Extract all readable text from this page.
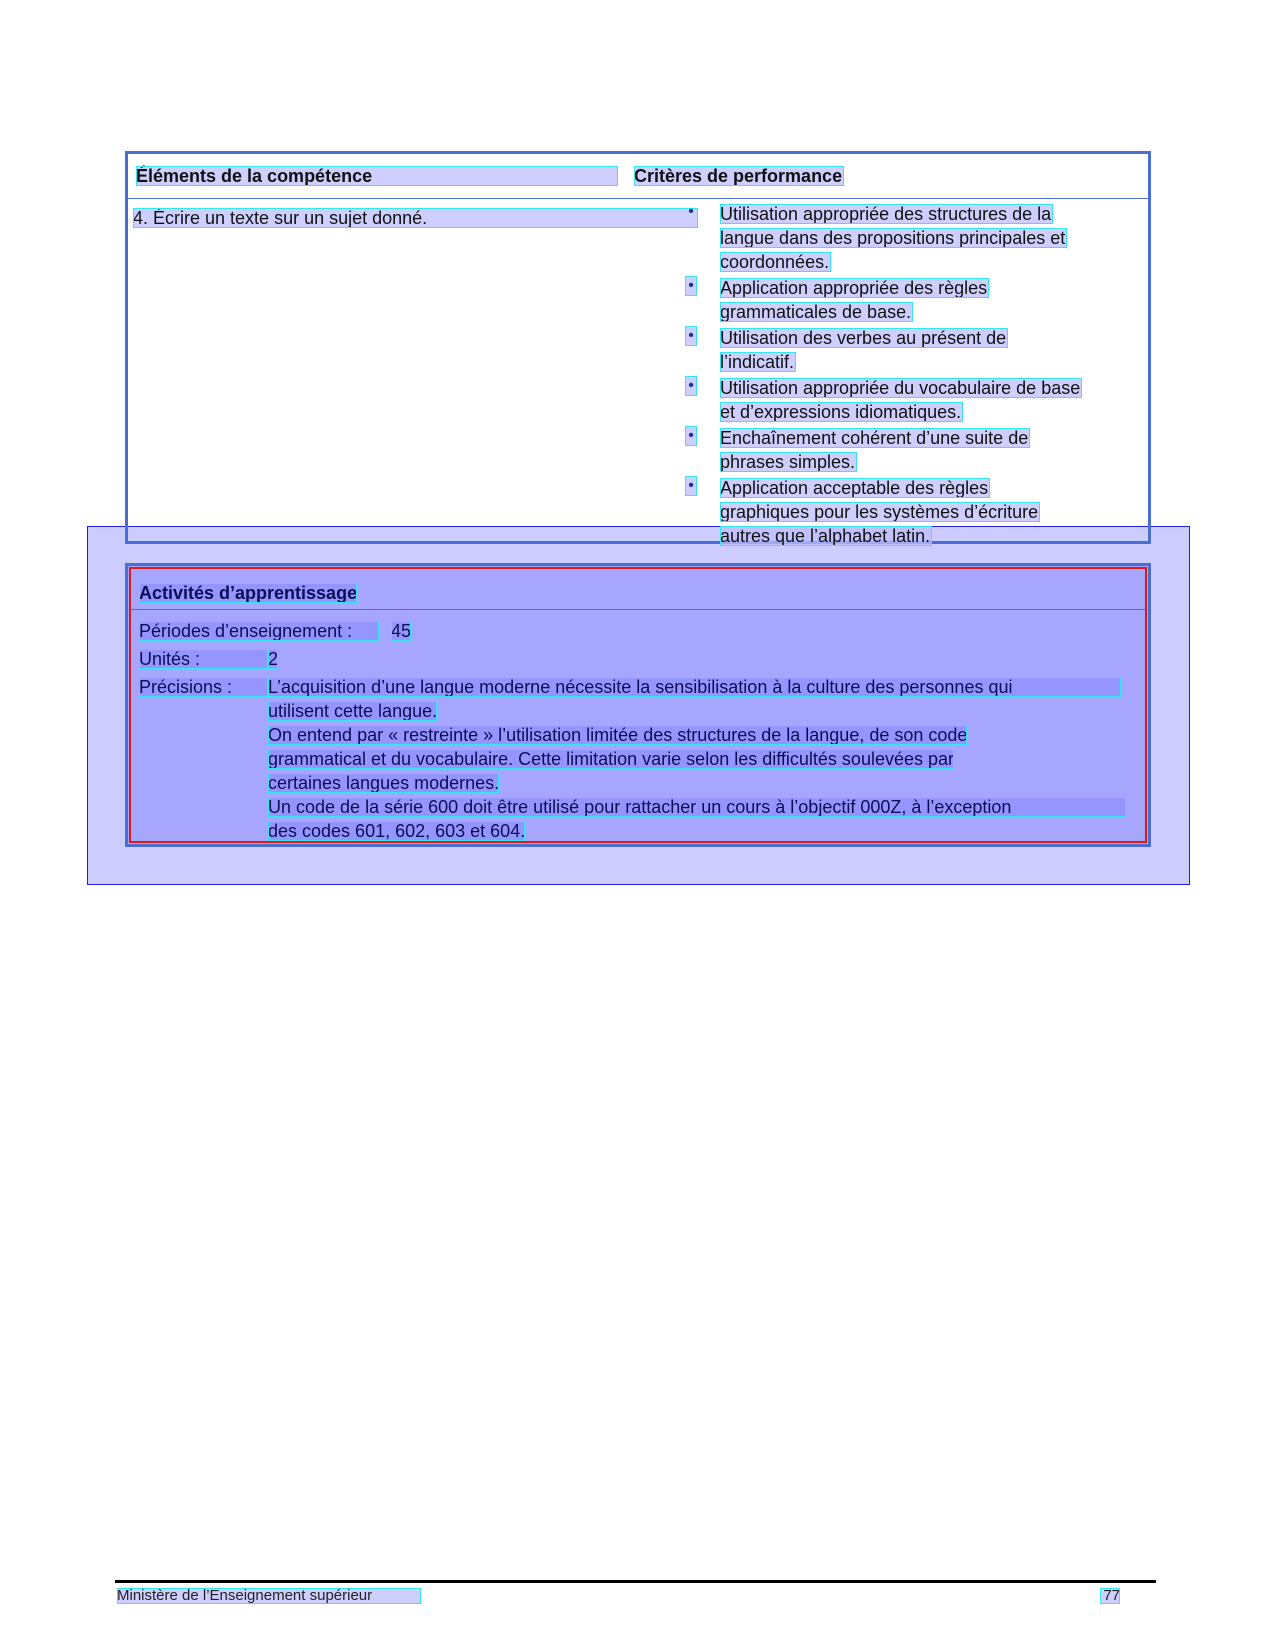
Éléments de la compétence	Critères de performance
4. Écrire un texte sur un sujet donné.	• Utilisation appropriée des structures de la
langue dans des propositions principales et
coordonnées.
• Application appropriée des règles
grammaticales de base.
• Utilisation des verbes au présent de
l’indicatif.
• Utilisation appropriée du vocabulaire de base
et d’expressions idiomatiques.
• Enchaînement cohérent d’une suite de
phrases simples.
• Application acceptable des règles
graphiques pour les systèmes d’écriture
autres que l’alphabet latin.
Activités d’apprentissage
Périodes d’enseignement :	45
Unités :	2
Précisions :	L’acquisition d’une langue moderne nécessite la sensibilisation à la culture des personnes qui
utilisent cette langue.
On entend par « restreinte » l’utilisation limitée des structures de la langue, de son code
grammatical et du vocabulaire. Cette limitation varie selon les difficultés soulevées par
certaines langues modernes.
Un code de la série 600 doit être utilisé pour rattacher un cours à l’objectif 000Z, à l’exception
des codes 601, 602, 603 et 604.
Ministère de l’Enseignement supérieur	77
